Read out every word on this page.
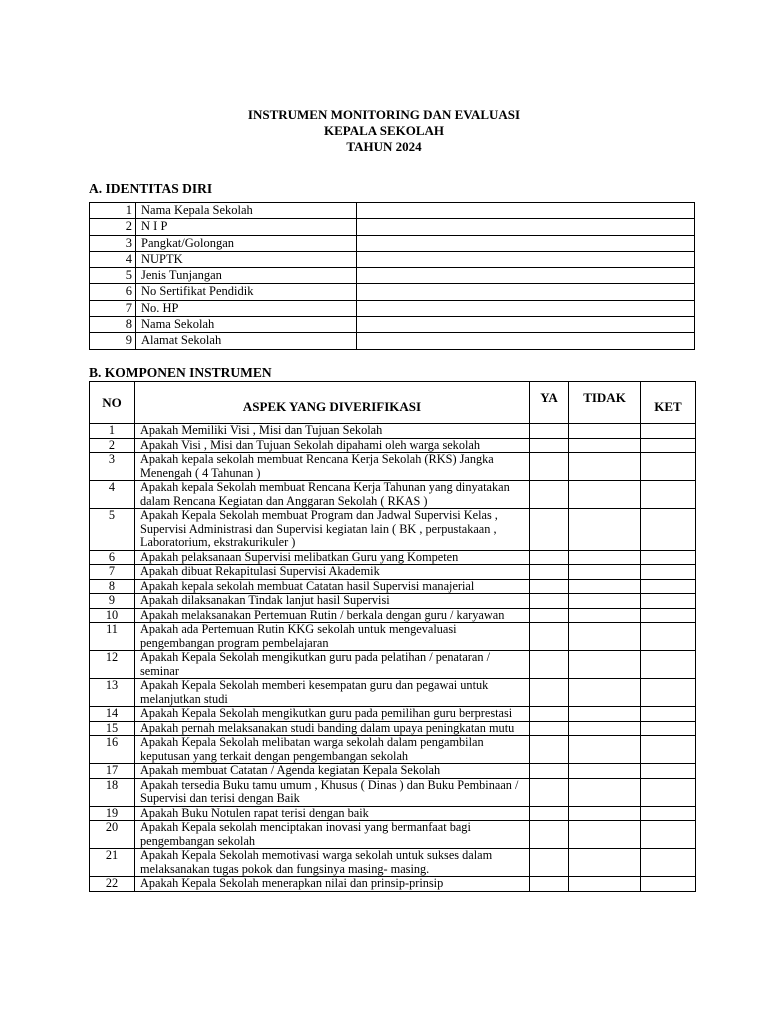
INSTRUMEN MONITORING DAN EVALUASI
KEPALA SEKOLAH
TAHUN 2024
A. IDENTITAS DIRI
1	Nama Kepala Sekolah	
2	N I P	
3	Pangkat/Golongan	
4	NUPTK	
5	Jenis Tunjangan	
6	No Sertifikat Pendidik	
7	No. HP	
8	Nama Sekolah	
9	Alamat Sekolah	
B. KOMPONEN INSTRUMEN
NO	ASPEK YANG DIVERIFIKASI	YA	TIDAK	KET
1	Apakah Memiliki Visi , Misi dan Tujuan Sekolah			
2	Apakah Visi , Misi dan Tujuan Sekolah dipahami oleh warga sekolah			
3	Apakah kepala sekolah membuat Rencana Kerja Sekolah (RKS) Jangka Menengah ( 4 Tahunan )			
4	Apakah kepala Sekolah membuat Rencana Kerja Tahunan yang dinyatakan dalam Rencana Kegiatan dan Anggaran Sekolah ( RKAS )			
5	Apakah Kepala Sekolah membuat Program dan Jadwal Supervisi Kelas , Supervisi Administrasi dan Supervisi kegiatan lain ( BK , perpustakaan , Laboratorium, ekstrakurikuler )			
6	Apakah pelaksanaan Supervisi melibatkan Guru yang Kompeten			
7	Apakah dibuat Rekapitulasi Supervisi Akademik			
8	Apakah kepala sekolah membuat Catatan hasil Supervisi manajerial			
9	Apakah dilaksanakan Tindak lanjut hasil Supervisi			
10	Apakah melaksanakan Pertemuan Rutin / berkala dengan guru / karyawan			
11	Apakah ada Pertemuan Rutin KKG sekolah untuk mengevaluasi pengembangan program pembelajaran			
12	Apakah Kepala Sekolah mengikutkan guru pada pelatihan / penataran / seminar			
13	Apakah Kepala Sekolah memberi kesempatan guru dan pegawai untuk melanjutkan studi			
14	Apakah Kepala Sekolah mengikutkan guru pada pemilihan guru berprestasi			
15	Apakah pernah melaksanakan studi banding dalam upaya peningkatan mutu			
16	Apakah Kepala Sekolah melibatan warga sekolah dalam pengambilan keputusan yang terkait dengan pengembangan sekolah			
17	Apakah membuat Catatan / Agenda kegiatan Kepala Sekolah			
18	Apakah tersedia Buku tamu umum , Khusus ( Dinas ) dan Buku Pembinaan / Supervisi dan terisi dengan Baik			
19	Apakah Buku Notulen rapat terisi dengan baik			
20	Apakah Kepala sekolah menciptakan inovasi yang bermanfaat bagi pengembangan sekolah			
21	Apakah Kepala Sekolah memotivasi warga sekolah untuk sukses dalam melaksanakan tugas pokok dan fungsinya masing- masing.			
22	Apakah Kepala Sekolah menerapkan nilai dan prinsip-prinsip			
